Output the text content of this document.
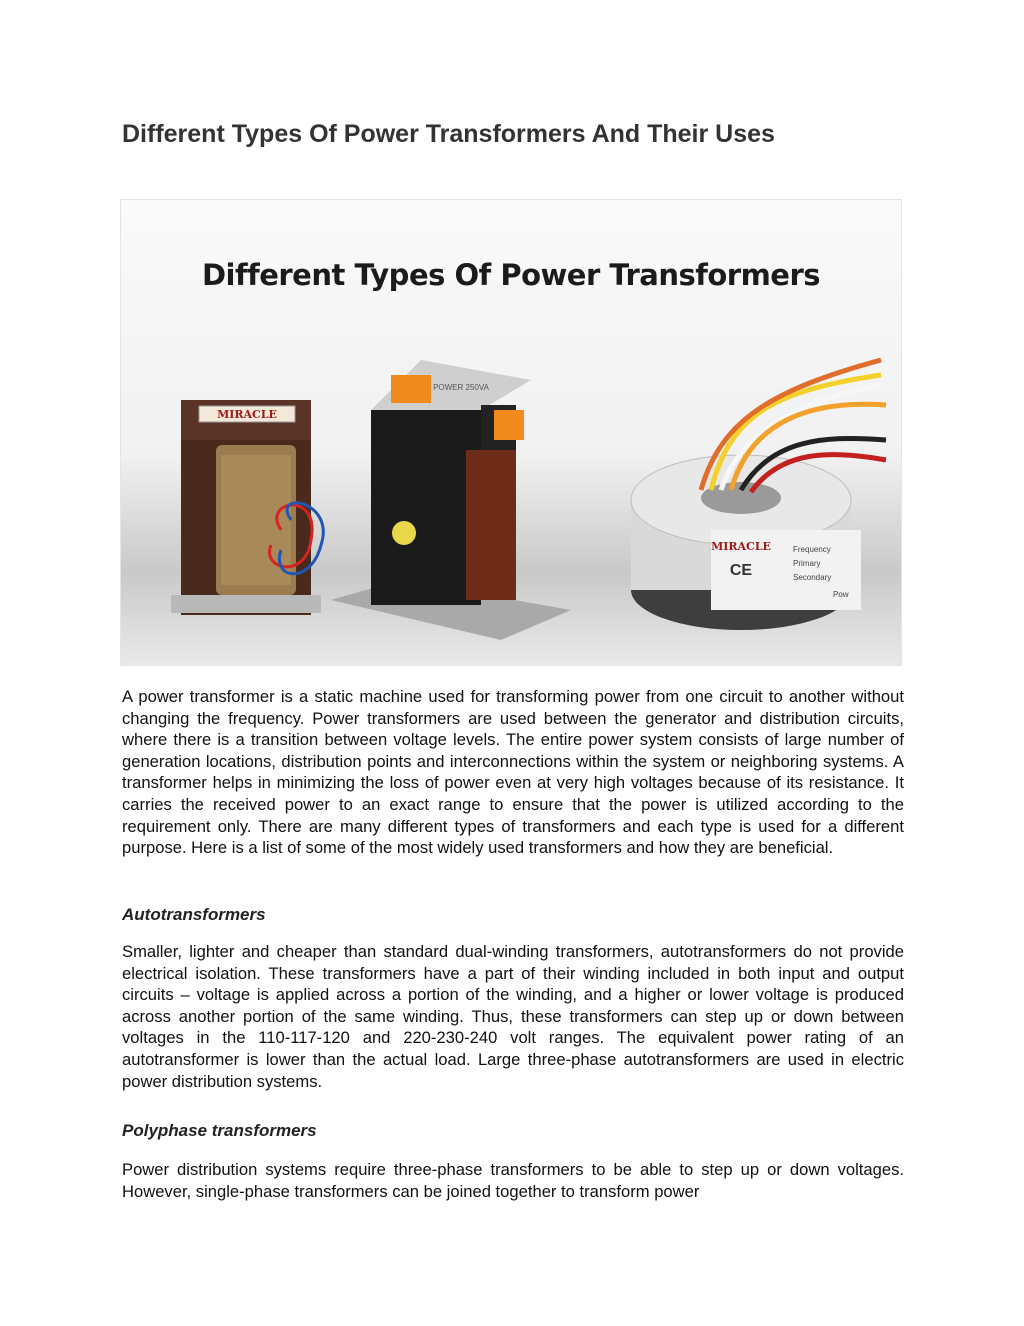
Different Types Of Power Transformers And Their Uses
MIRACLE
POWER 250VA
MIRACLE
CE
Frequency
Primary
Secondary
Pow
Different Types Of Power Transformers

A power transformer is a static machine used for transforming power from one circuit to another without changing the frequency. Power transformers are used between the generator and distribution circuits, where there is a transition between voltage levels. The entire power system consists of large number of generation locations, distribution points and interconnections within the system or neighboring systems. A transformer helps in minimizing the loss of power even at very high voltages because of its resistance. It carries the received power to an exact range to ensure that the power is utilized according to the requirement only. There are many different types of transformers and each type is used for a different purpose. Here is a list of some of the most widely used transformers and how they are beneficial.

Autotransformers

Smaller, lighter and cheaper than standard dual-winding transformers, autotransformers do not provide electrical isolation. These transformers have a part of their winding included in both input and output circuits – voltage is applied across a portion of the winding, and a higher or lower voltage is produced across another portion of the same winding. Thus, these transformers can step up or down between voltages in the 110-117-120 and 220-230-240 volt ranges. The equivalent power rating of an autotransformer is lower than the actual load. Large three-phase autotransformers are used in electric power distribution systems.

Polyphase transformers

Power distribution systems require three-phase transformers to be able to step up or down voltages. However, single-phase transformers can be joined together to transform power
